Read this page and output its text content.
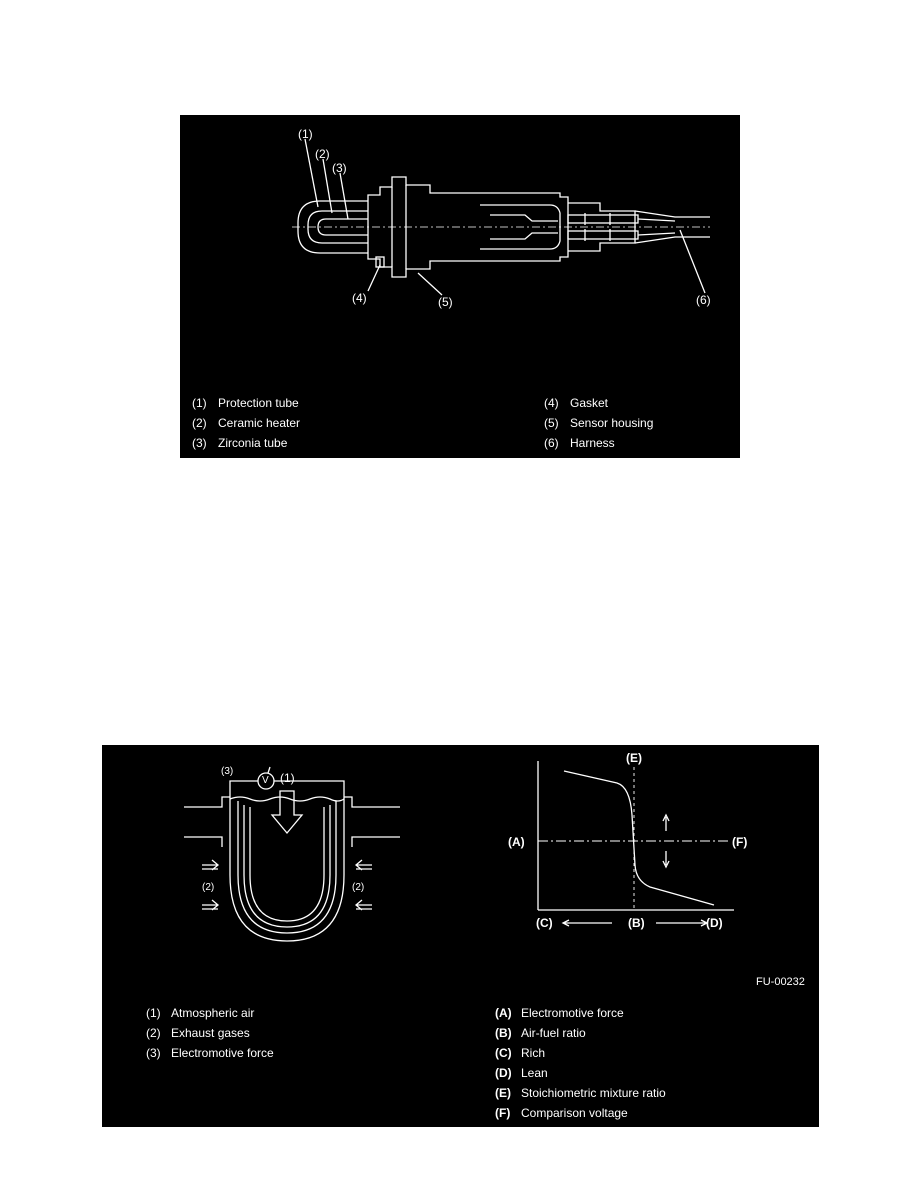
(1)
(2)
(3)
(4)	(5)	(6)
(1) Protection tube
(2) Ceramic heater
(3) Zirconia tube
(4) Gasket
(5) Sensor housing
(6) Harness
(3)
V (1)
(2)	(2)
(E)
(A)	(F)
(C)	(B)	(D)
FU-00232
(1) Atmospheric air
(2) Exhaust gases
(3) Electromotive force
(A) Electromotive force
(B) Air-fuel ratio
(C) Rich
(D) Lean
(E) Stoichiometric mixture ratio
(F) Comparison voltage
